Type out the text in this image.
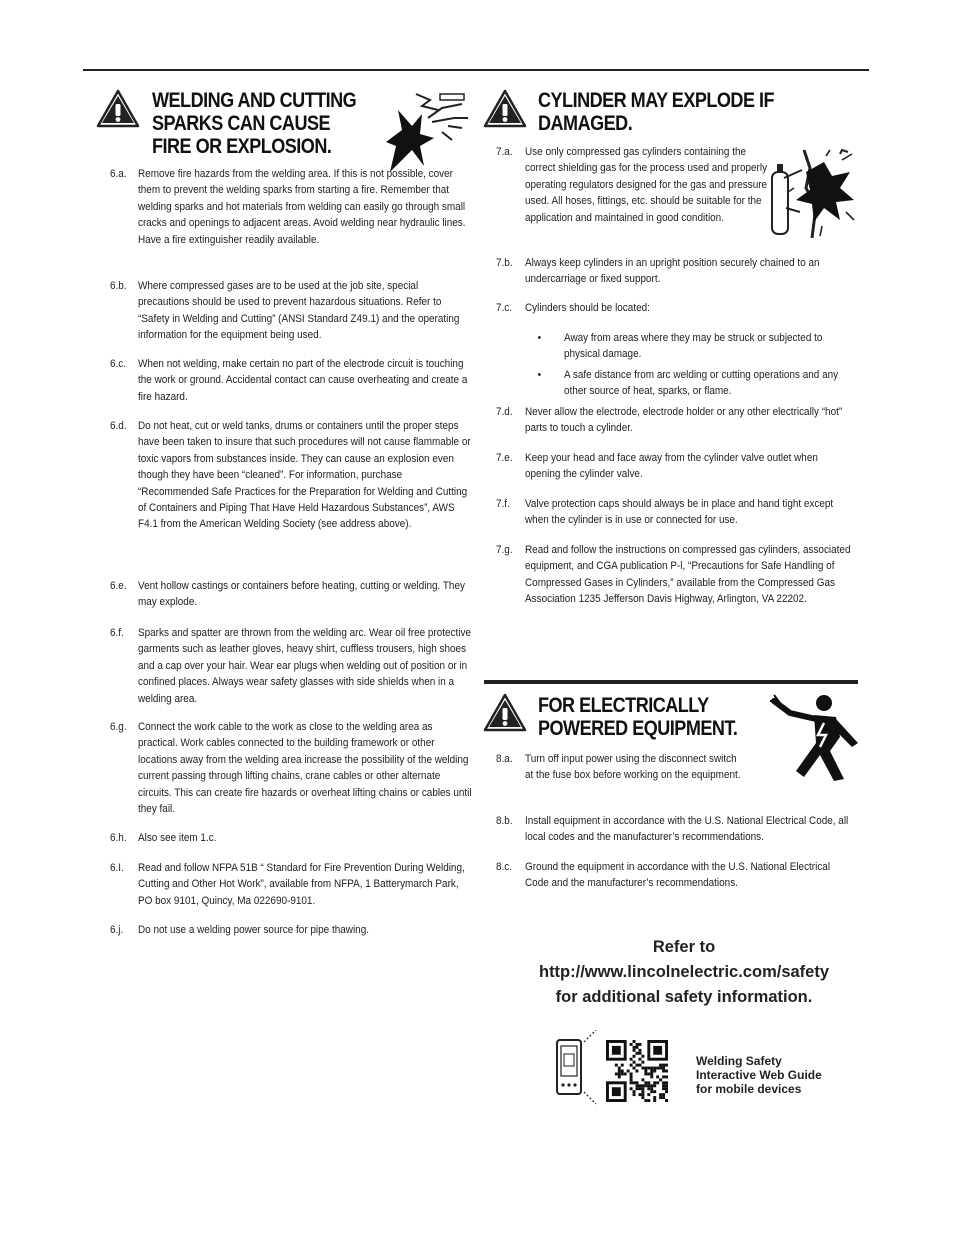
WELDING AND CUTTING
SPARKS CAN CAUSE
FIRE OR EXPLOSION.
6.a.	Remove fire hazards from the welding area. If this is not possible, cover them to prevent the welding sparks from starting a fire. Remember that welding sparks and hot materials from welding can easily go through small cracks and openings to adjacent areas. Avoid welding near hydraulic lines. Have a fire extinguisher readily available.
6.b.	Where compressed gases are to be used at the job site, special precautions should be used to prevent hazardous situations. Refer to “Safety in Welding and Cutting” (ANSI Standard Z49.1) and the operating information for the equipment being used.
6.c.	When not welding, make certain no part of the electrode circuit is touching the work or ground. Accidental contact can cause overheating and create a fire hazard.
6.d.	Do not heat, cut or weld tanks, drums or containers until the proper steps have been taken to insure that such procedures will not cause flammable or toxic vapors from substances inside. They can cause an explosion even though they have been “cleaned”. For information, purchase “Recommended Safe Practices for the Preparation for Welding and Cutting of Containers and Piping That Have Held Hazardous Substances”, AWS F4.1 from the American Welding Society (see address above).
6.e.	Vent hollow castings or containers before heating, cutting or welding. They may explode.
6.f.	Sparks and spatter are thrown from the welding arc. Wear oil free protective garments such as leather gloves, heavy shirt, cuffless trousers, high shoes and a cap over your hair. Wear ear plugs when welding out of position or in confined places. Always wear safety glasses with side shields when in a welding area.
6.g.	Connect the work cable to the work as close to the welding area as practical. Work cables connected to the building framework or other locations away from the welding area increase the possibility of the welding current passing through lifting chains, crane cables or other alternate circuits. This can create fire hazards or overheat lifting chains or cables until they fail.
6.h.	Also see item 1.c.
6.I.	Read and follow NFPA 51B “ Standard for Fire Prevention During Welding, Cutting and Other Hot Work”, available from NFPA, 1 Batterymarch Park, PO box 9101, Quincy, Ma 022690-9101.
6.j.	Do not use a welding power source for pipe thawing.
CYLINDER MAY EXPLODE IF
DAMAGED.
7.a.	Use only compressed gas cylinders containing the correct shielding gas for the process used and properly operating regulators designed for the gas and pressure used. All hoses, fittings, etc. should be suitable for the application and maintained in good condition.
7.b.	Always keep cylinders in an upright position securely chained to an undercarriage or fixed support.
7.c.	Cylinders should be located:
7.d.	Never allow the electrode, electrode holder or any other electrically “hot” parts to touch a cylinder.
7.e.	Keep your head and face away from the cylinder valve outlet when opening the cylinder valve.
7.f.	Valve protection caps should always be in place and hand tight except when the cylinder is in use or connected for use.
7.g.	Read and follow the instructions on compressed gas cylinders, associated equipment, and CGA publication P-l, “Precautions for Safe Handling of Compressed Gases in Cylinders,” available from the Compressed Gas Association 1235 Jefferson Davis Highway, Arlington, VA 22202.
• Away from areas where they may be struck or subjected to physical damage.
• A safe distance from arc welding or cutting operations and any other source of heat, sparks, or flame.
FOR ELECTRICALLY
POWERED EQUIPMENT.
8.a.	Turn off input power using the disconnect switch at the fuse box before working on the equipment.
8.b.	Install equipment in accordance with the U.S. National Electrical Code, all local codes and the manufacturer’s recommendations.
8.c.	Ground the equipment in accordance with the U.S. National Electrical Code and the manufacturer’s recommendations.
Refer to
http://www.lincolnelectric.com/safety
for additional safety information.
Welding Safety
Interactive Web Guide
for mobile devices
